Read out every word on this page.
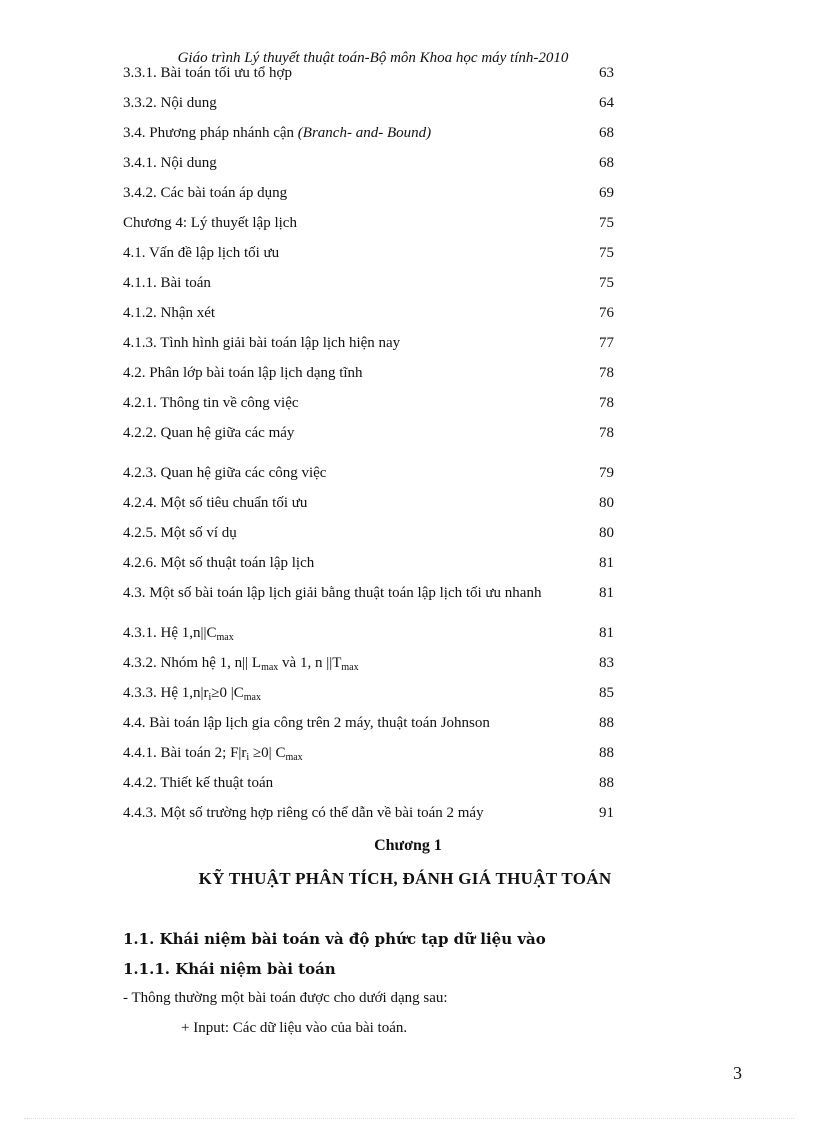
Giáo trình Lý thuyết thuật toán-Bộ môn Khoa học máy tính-2010
3.3.1. Bài toán tối ưu tổ hợp	63
3.3.2. Nội dung	64
3.4. Phương pháp nhánh cận (Branch- and- Bound)	68
3.4.1. Nội dung	68
3.4.2. Các bài toán áp dụng	69
Chương 4: Lý thuyết lập lịch	75
4.1. Vấn đề lập lịch tối ưu	75
4.1.1. Bài toán	75
4.1.2. Nhận xét	76
4.1.3. Tình hình giải bài toán lập lịch hiện nay	77
4.2. Phân lớp bài toán lập lịch dạng tĩnh	78
4.2.1. Thông tin về công việc	78
4.2.2. Quan hệ giữa các máy	78
4.2.3. Quan hệ giữa các công việc	79
4.2.4. Một số tiêu chuẩn tối ưu	80
4.2.5. Một số ví dụ	80
4.2.6. Một số thuật toán lập lịch	81
4.3. Một số bài toán lập lịch giải bằng thuật toán lập lịch tối ưu nhanh	81
4.3.1. Hệ $1,n||C_{max}$	81
4.3.2. Nhóm hệ 1, n|| $L_{max}$ và 1, n $||T_{max}$	83
4.3.3. Hệ $1,n|r_i\ge 0$ $|C_{max}$	85
4.4. Bài toán lập lịch gia công trên 2 máy, thuật toán Johnson	88
4.4.1. Bài toán 2; $F|r_i \ge 0|$ $C_{max}$	88
4.4.2. Thiết kế thuật toán	88
4.4.3. Một số trường hợp riêng có thể dẫn về bài toán 2 máy	91
Chương 1
KỸ THUẬT PHÂN TÍCH, ĐÁNH GIÁ THUẬT TOÁN
1.1. Khái niệm bài toán và độ phức tạp dữ liệu vào
1.1.1. Khái niệm bài toán
- Thông thường một bài toán được cho dưới dạng sau:
+ Input: Các dữ liệu vào của bài toán.
3
